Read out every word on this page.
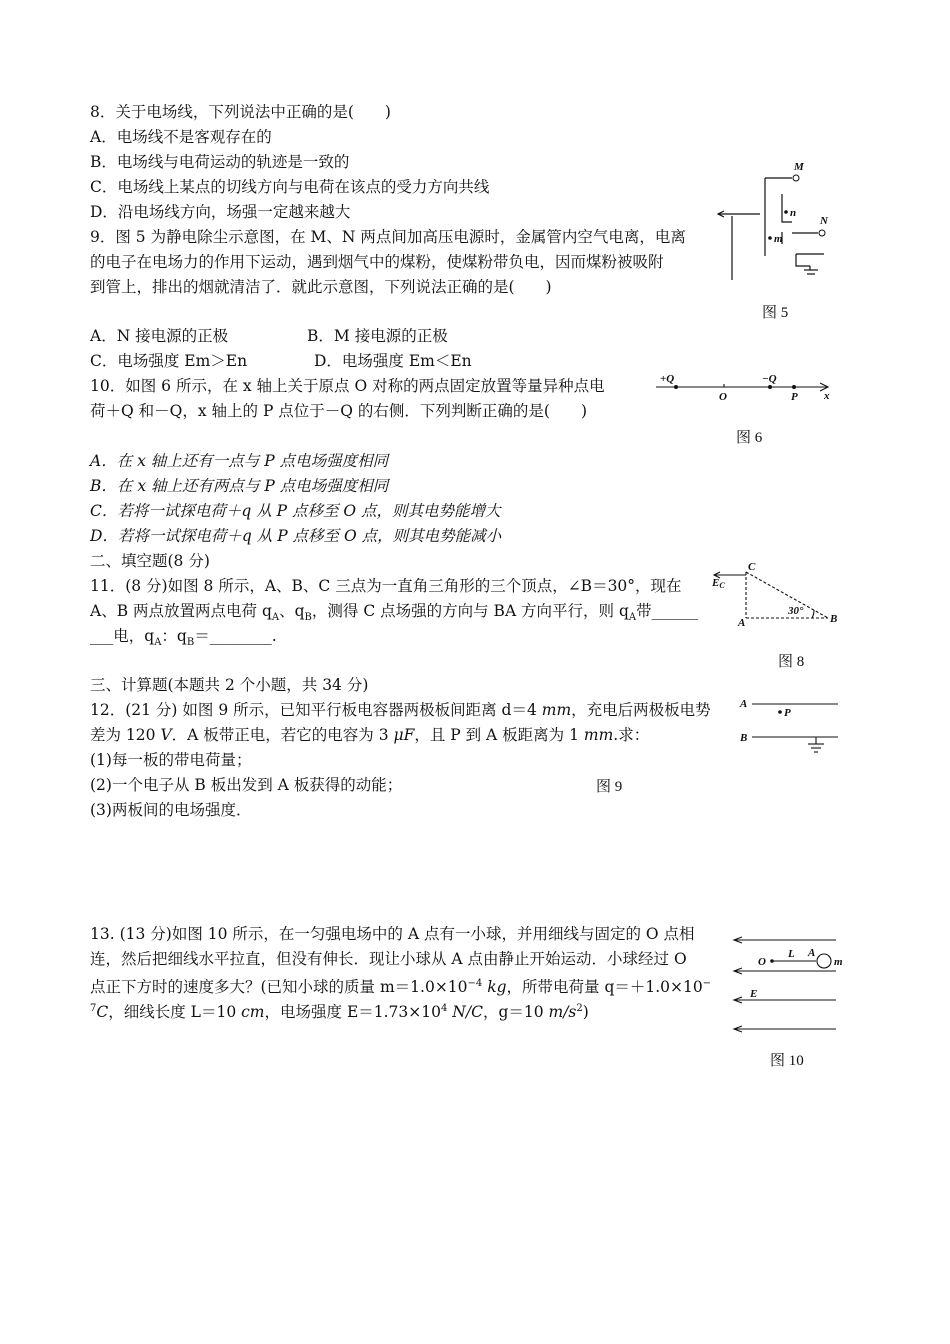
8．关于电场线，下列说法中正确的是(　　)
A．电场线不是客观存在的
B．电场线与电荷运动的轨迹是一致的
C．电场线上某点的切线方向与电荷在该点的受力方向共线
D．沿电场线方向，场强一定越来越大
9．图 5 为静电除尘示意图，在 M、N 两点间加高压电源时，金属管内空气电离，电离
的电子在电场力的作用下运动，遇到烟气中的煤粉，使煤粉带负电，因而煤粉被吸附
到管上，排出的烟就清洁了．就此示意图，下列说法正确的是(　　)
A．N 接电源的正极	B．M 接电源的正极
C．电场强度 Em＞En	D．电场强度 Em＜En
M
N
n
m
图 5
10．如图 6 所示，在 x 轴上关于原点 O 对称的两点固定放置等量异种点电
荷＋Q 和－Q，x 轴上的 P 点位于－Q 的右侧．下列判断正确的是(　　)
A．在 x 轴上还有一点与 P 点电场强度相同
B．在 x 轴上还有两点与 P 点电场强度相同
C．若将一试探电荷＋q 从 P 点移至 O 点，则其电势能增大
D．若将一试探电荷＋q 从 P 点移至 O 点，则其电势能减小
+Q	−Q
O	P x
图 6
二、填空题(8 分)
11．(8 分)如图 8 所示，A、B、C 三点为一直角三角形的三个顶点，∠B＝30°，现在
A、B 两点放置两点电荷 $q_A$、$q_B$，测得 C 点场强的方向与 BA 方向平行，则 $q_A$带______
___电，$q_A$：$q_B=\_\_\_\_\_\_\_\_$.
C
EC
30°
A	B
图 8
三、计算题(本题共 2 个小题，共 34 分)
12．(21 分) 如图 9 所示，已知平行板电容器两极板间距离 d＝4 mm，充电后两极板电势
差为 120 V．A 板带正电，若它的电容为 3 μF，且 P 到 A 板距离为 1 mm.求：
(1)每一板的带电荷量；
(2)一个电子从 B 板出发到 A 板获得的动能；
(3)两板间的电场强度．
图 9
A
P
B
13. (13 分)如图 10 所示，在一匀强电场中的 A 点有一小球，并用细线与固定的 O 点相
连，然后把细线水平拉直，但没有伸长．现让小球从 A 点由静止开始运动．小球经过 O
点正下方时的速度多大？(已知小球的质量 $m=1.0\times 10^{-4}$ kg，所带电荷量 q＝＋1.0×10−
$^7$C，细线长度 L＝10 cm，电场强度 $E=1.73\times 10^4$ N/C，g＝10 $m/s^2$)
O
L A
m
E
图 10
